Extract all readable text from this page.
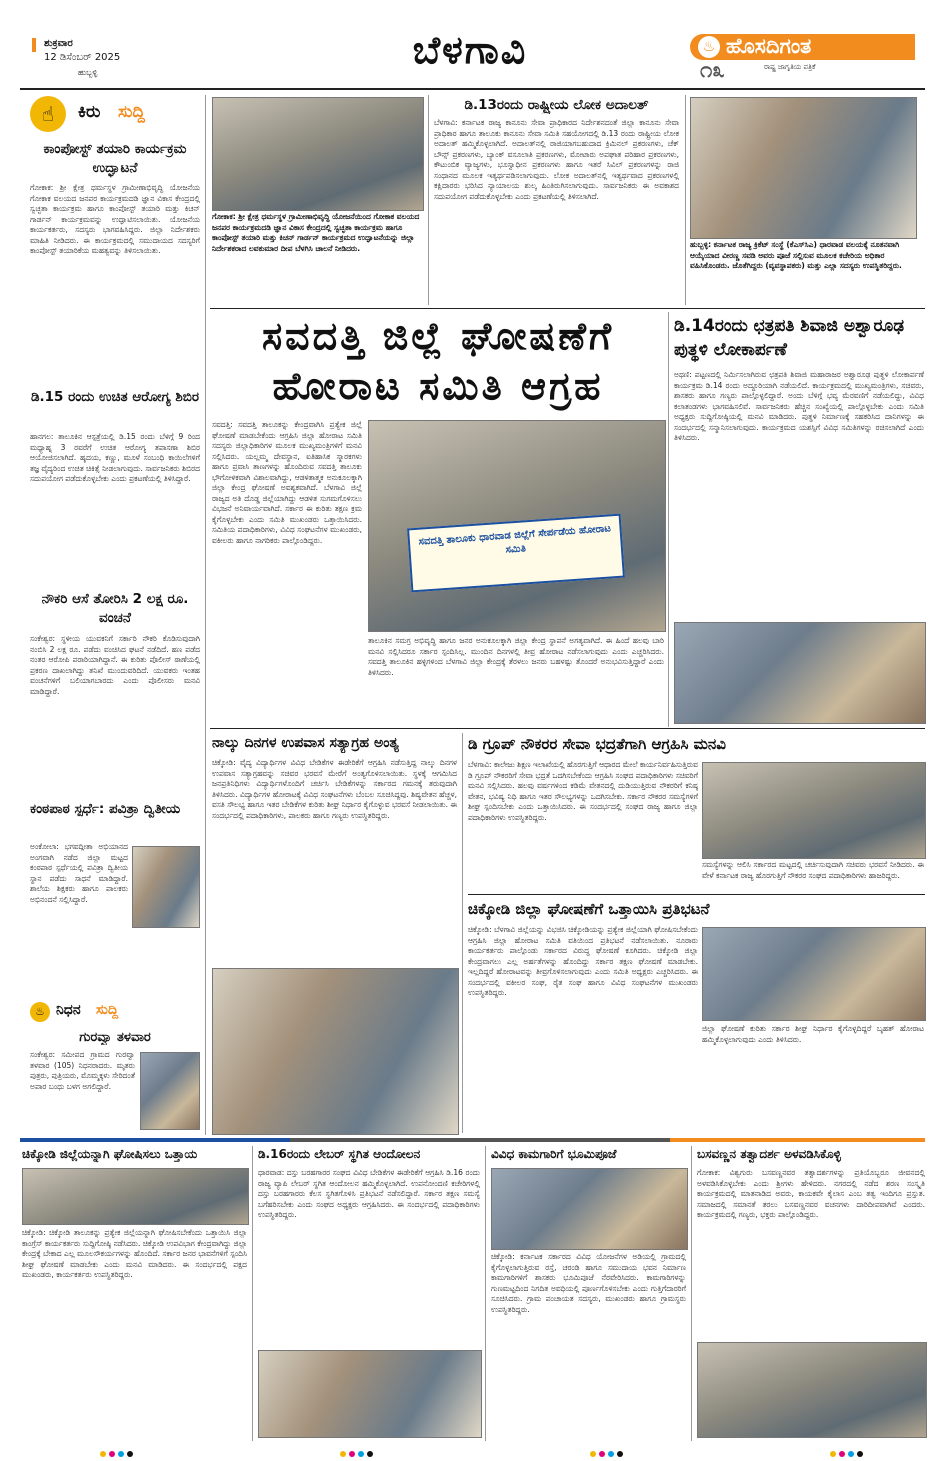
ಶುಕ್ರವಾರ
12 ಡಿಸೆಂಬರ್ 2025
ಹುಬ್ಬಳ್ಳಿ
ಬೆಳಗಾವಿ	♨ ಹೊಸದಿಗಂತ
೧೩	ರಾಷ್ಟ್ರ ಜಾಗೃತಿಯ ಪತ್ರಿಕೆ
☝	ಕಿರು ಸುದ್ದಿ
ಕಾಂಪೋಸ್ಟ್ ತಯಾರಿ ಕಾರ್ಯಕ್ರಮ ಉದ್ಘಾಟನೆ
ಗೋಕಾಕ: ಶ್ರೀ ಕ್ಷೇತ್ರ ಧರ್ಮಸ್ಥಳ ಗ್ರಾಮೀಣಾಭಿವೃದ್ಧಿ ಯೋಜನೆಯ ಗೋಕಾಕ ವಲಯದ ಜನಪರ ಕಾರ್ಯಕ್ರಮದಡಿ ಜ್ಞಾನ ವಿಕಾಸ ಕೇಂದ್ರದಲ್ಲಿ ಸ್ವಚ್ಛತಾ ಕಾರ್ಯಕ್ರಮ ಹಾಗೂ ಕಾಂಪೋಸ್ಟ್ ತಯಾರಿ ಮತ್ತು ಕಿಚನ್ ಗಾರ್ಡನ್ ಕಾರ್ಯಕ್ರಮವನ್ನು ಉದ್ಘಾಟಿಸಲಾಯಿತು. ಯೋಜನೆಯ ಕಾರ್ಯಕರ್ತರು, ಸದಸ್ಯರು ಭಾಗವಹಿಸಿದ್ದರು. ಜಿಲ್ಲಾ ನಿರ್ದೇಶಕರು ಮಾಹಿತಿ ನೀಡಿದರು. ಈ ಕಾರ್ಯಕ್ರಮದಲ್ಲಿ ಸಮುದಾಯದ ಸದಸ್ಯರಿಗೆ ಕಾಂಪೋಸ್ಟ್ ತಯಾರಿಕೆಯ ಮಹತ್ವವನ್ನು ತಿಳಿಸಲಾಯಿತು.
ಡಿ.15 ರಂದು ಉಚಿತ ಆರೋಗ್ಯ ಶಿಬಿರ
ಹಾನಗಲ: ತಾಲೂಕಿನ ಆಸ್ಪತ್ರೆಯಲ್ಲಿ ಡಿ.15 ರಂದು ಬೆಳಿಗ್ಗೆ 9 ರಿಂದ ಮಧ್ಯಾಹ್ನ 3 ರವರೆಗೆ ಉಚಿತ ಆರೋಗ್ಯ ತಪಾಸಣಾ ಶಿಬಿರ ಆಯೋಜಿಸಲಾಗಿದೆ. ಹೃದಯ, ಕಣ್ಣು, ಮೂಳೆ ಸಂಬಂಧಿ ಕಾಯಿಲೆಗಳಿಗೆ ತಜ್ಞ ವೈದ್ಯರಿಂದ ಉಚಿತ ಚಿಕಿತ್ಸೆ ನೀಡಲಾಗುವುದು. ಸಾರ್ವಜನಿಕರು ಶಿಬಿರದ ಸದುಪಯೋಗ ಪಡೆದುಕೊಳ್ಳಬೇಕು ಎಂದು ಪ್ರಕಟಣೆಯಲ್ಲಿ ತಿಳಿಸಿದ್ದಾರೆ.
ನೌಕರಿ ಆಸೆ ತೋರಿಸಿ 2 ಲಕ್ಷ ರೂ. ವಂಚನೆ
ಸಂಕೇಶ್ವರ: ಸ್ಥಳೀಯ ಯುವಕನಿಗೆ ಸರ್ಕಾರಿ ನೌಕರಿ ಕೊಡಿಸುವುದಾಗಿ ನಂಬಿಸಿ 2 ಲಕ್ಷ ರೂ. ಪಡೆದು ವಂಚಿಸಿದ ಘಟನೆ ನಡೆದಿದೆ. ಹಣ ಪಡೆದ ನಂತರ ಆರೋಪಿ ಪರಾರಿಯಾಗಿದ್ದಾನೆ. ಈ ಕುರಿತು ಪೊಲೀಸ್ ಠಾಣೆಯಲ್ಲಿ ಪ್ರಕರಣ ದಾಖಲಾಗಿದ್ದು ತನಿಖೆ ಮುಂದುವರಿದಿದೆ. ಯುವಕರು ಇಂತಹ ವಂಚನೆಗಳಿಗೆ ಬಲಿಯಾಗಬಾರದು ಎಂದು ಪೊಲೀಸರು ಮನವಿ ಮಾಡಿದ್ದಾರೆ.
ಕಂಠಪಾಠ ಸ್ಪರ್ಧೆ: ಪವಿತ್ರಾ ದ್ವಿತೀಯ
ಅಂಕೋಲಾ: ಭಗವದ್ಗೀತಾ ಅಭಿಯಾನದ ಅಂಗವಾಗಿ ನಡೆದ ಜಿಲ್ಲಾ ಮಟ್ಟದ ಕಂಠಪಾಠ ಸ್ಪರ್ಧೆಯಲ್ಲಿ ಪವಿತ್ರಾ ದ್ವಿತೀಯ ಸ್ಥಾನ ಪಡೆದು ಸಾಧನೆ ಮಾಡಿದ್ದಾರೆ. ಶಾಲೆಯ ಶಿಕ್ಷಕರು ಹಾಗೂ ಪಾಲಕರು ಅಭಿನಂದನೆ ಸಲ್ಲಿಸಿದ್ದಾರೆ.
♨ ನಿಧನ ಸುದ್ದಿ
ಗುರವ್ವಾ ತಳವಾರ
ಸಂಕೇಶ್ವರ: ಸಮೀಪದ ಗ್ರಾಮದ ಗುರವ್ವಾ ತಳವಾರ (105) ನಿಧನರಾದರು. ಮೃತರು ಪುತ್ರರು, ಪುತ್ರಿಯರು, ಮೊಮ್ಮಕ್ಕಳು ಸೇರಿದಂತೆ ಅಪಾರ ಬಂಧು ಬಳಗ ಅಗಲಿದ್ದಾರೆ.
ಗೋಕಾಕ: ಶ್ರೀ ಕ್ಷೇತ್ರ ಧರ್ಮಸ್ಥಳ ಗ್ರಾಮೀಣಾಭಿವೃದ್ಧಿ ಯೋಜನೆಯಿಂದ ಗೋಕಾಕ ವಲಯದ ಜನಪರ ಕಾರ್ಯಕ್ರಮದಡಿ ಜ್ಞಾನ ವಿಕಾಸ ಕೇಂದ್ರದಲ್ಲಿ ಸ್ವಚ್ಛತಾ ಕಾರ್ಯಕ್ರಮ ಹಾಗೂ ಕಾಂಪೋಸ್ಟ್ ತಯಾರಿ ಮತ್ತು ಕಿಚನ್ ಗಾರ್ಡನ್ ಕಾರ್ಯಕ್ರಮದ ಉದ್ಘಾಟನೆಯನ್ನು ಜಿಲ್ಲಾ ನಿರ್ದೇಶಕರಾದ ಲವಕುಮಾರ ದೀಪ ಬೆಳಗಿಸಿ ಚಾಲನೆ ನೀಡಿದರು.
ಡಿ.13ರಂದು ರಾಷ್ಟ್ರೀಯ ಲೋಕ ಅದಾಲತ್
ಬೆಳಗಾವಿ: ಕರ್ನಾಟಕ ರಾಜ್ಯ ಕಾನೂನು ಸೇವಾ ಪ್ರಾಧಿಕಾರದ ನಿರ್ದೇಶನದಂತೆ ಜಿಲ್ಲಾ ಕಾನೂನು ಸೇವಾ ಪ್ರಾಧಿಕಾರ ಹಾಗೂ ತಾಲೂಕು ಕಾನೂನು ಸೇವಾ ಸಮಿತಿ ಸಹಯೋಗದಲ್ಲಿ ಡಿ.13 ರಂದು ರಾಷ್ಟ್ರೀಯ ಲೋಕ ಅದಾಲತ್ ಹಮ್ಮಿಕೊಳ್ಳಲಾಗಿದೆ. ಅದಾಲತ್‌ನಲ್ಲಿ ರಾಜಿಯಾಗಬಹುದಾದ ಕ್ರಿಮಿನಲ್ ಪ್ರಕರಣಗಳು, ಚೆಕ್ ಬೌನ್ಸ್ ಪ್ರಕರಣಗಳು, ಬ್ಯಾಂಕ್ ವಸೂಲಾತಿ ಪ್ರಕರಣಗಳು, ಮೋಟಾರು ಅಪಘಾತ ಪರಿಹಾರ ಪ್ರಕರಣಗಳು, ಕೌಟುಂಬಿಕ ವ್ಯಾಜ್ಯಗಳು, ಭೂಸ್ವಾಧೀನ ಪ್ರಕರಣಗಳು ಹಾಗೂ ಇತರೆ ಸಿವಿಲ್ ಪ್ರಕರಣಗಳನ್ನು ರಾಜಿ ಸಂಧಾನದ ಮೂಲಕ ಇತ್ಯರ್ಥಪಡಿಸಲಾಗುವುದು. ಲೋಕ ಅದಾಲತ್‌ನಲ್ಲಿ ಇತ್ಯರ್ಥವಾದ ಪ್ರಕರಣಗಳಲ್ಲಿ ಕಕ್ಷಿದಾರರು ಭರಿಸಿದ ನ್ಯಾಯಾಲಯ ಶುಲ್ಕ ಹಿಂತಿರುಗಿಸಲಾಗುವುದು. ಸಾರ್ವಜನಿಕರು ಈ ಅವಕಾಶದ ಸದುಪಯೋಗ ಪಡೆದುಕೊಳ್ಳಬೇಕು ಎಂದು ಪ್ರಕಟಣೆಯಲ್ಲಿ ತಿಳಿಸಲಾಗಿದೆ.
ಹುಬ್ಬಳ್ಳಿ: ಕರ್ನಾಟಕ ರಾಜ್ಯ ಕ್ರಿಕೆಟ್ ಸಂಸ್ಥೆ (ಕೆಎಸ್‌ಸಿಎ) ಧಾರವಾಡ ವಲಯಕ್ಕೆ ನೂತನವಾಗಿ ಆಯ್ಕೆಯಾದ ವೀರಣ್ಣ ಸವಡಿ ಅವರು ಪೂಜೆ ಸಲ್ಲಿಸುವ ಮೂಲಕ ಕಚೇರಿಯ ಅಧಿಕಾರ ವಹಿಸಿಕೊಂಡರು. ಜೊತೆಗಿದ್ದರು (ವ್ಯವಸ್ಥಾಪಕರು) ಮತ್ತು ಎಲ್ಲಾ ಸದಸ್ಯರು ಉಪಸ್ಥಿತರಿದ್ದರು.
ಸವದತ್ತಿ ಜಿಲ್ಲೆ ಘೋಷಣೆಗೆ
ಹೋರಾಟ ಸಮಿತಿ ಆಗ್ರಹ
ಸವದತ್ತಿ: ಸವದತ್ತಿ ತಾಲೂಕನ್ನು ಕೇಂದ್ರವಾಗಿಸಿ ಪ್ರತ್ಯೇಕ ಜಿಲ್ಲೆ ಘೋಷಣೆ ಮಾಡಬೇಕೆಂದು ಆಗ್ರಹಿಸಿ ಜಿಲ್ಲಾ ಹೋರಾಟ ಸಮಿತಿ ಸದಸ್ಯರು ಜಿಲ್ಲಾಧಿಕಾರಿಗಳ ಮೂಲಕ ಮುಖ್ಯಮಂತ್ರಿಗಳಿಗೆ ಮನವಿ ಸಲ್ಲಿಸಿದರು. ಯಲ್ಲಮ್ಮ ದೇವಸ್ಥಾನ, ಐತಿಹಾಸಿಕ ಸ್ಮಾರಕಗಳು ಹಾಗೂ ಪ್ರವಾಸಿ ತಾಣಗಳನ್ನು ಹೊಂದಿರುವ ಸವದತ್ತಿ ತಾಲೂಕು ಭೌಗೋಳಿಕವಾಗಿ ವಿಶಾಲವಾಗಿದ್ದು, ಆಡಳಿತಾತ್ಮಕ ಅನುಕೂಲಕ್ಕಾಗಿ ಜಿಲ್ಲಾ ಕೇಂದ್ರ ಘೋಷಣೆ ಅವಶ್ಯಕವಾಗಿದೆ. ಬೆಳಗಾವಿ ಜಿಲ್ಲೆ ರಾಜ್ಯದ ಅತಿ ದೊಡ್ಡ ಜಿಲ್ಲೆಯಾಗಿದ್ದು ಆಡಳಿತ ಸುಗಮಗೊಳಿಸಲು ವಿಭಜನೆ ಅನಿವಾರ್ಯವಾಗಿದೆ. ಸರ್ಕಾರ ಈ ಕುರಿತು ತಕ್ಷಣ ಕ್ರಮ ಕೈಗೊಳ್ಳಬೇಕು ಎಂದು ಸಮಿತಿ ಮುಖಂಡರು ಒತ್ತಾಯಿಸಿದರು. ಸಮಿತಿಯ ಪದಾಧಿಕಾರಿಗಳು, ವಿವಿಧ ಸಂಘಟನೆಗಳ ಮುಖಂಡರು, ವಕೀಲರು ಹಾಗೂ ನಾಗರಿಕರು ಪಾಲ್ಗೊಂಡಿದ್ದರು.	ಸವದತ್ತಿ ತಾಲೂಕು ಧಾರವಾಡ ಜಿಲ್ಲೆಗೆ ಸೇರ್ಪಡೆಯ ಹೋರಾಟ ಸಮಿತಿ
ತಾಲೂಕಿನ ಸಮಗ್ರ ಅಭಿವೃದ್ಧಿ ಹಾಗೂ ಜನರ ಅನುಕೂಲಕ್ಕಾಗಿ ಜಿಲ್ಲಾ ಕೇಂದ್ರ ಸ್ಥಾಪನೆ ಅಗತ್ಯವಾಗಿದೆ. ಈ ಹಿಂದೆ ಹಲವು ಬಾರಿ ಮನವಿ ಸಲ್ಲಿಸಿದರೂ ಸರ್ಕಾರ ಸ್ಪಂದಿಸಿಲ್ಲ. ಮುಂದಿನ ದಿನಗಳಲ್ಲಿ ತೀವ್ರ ಹೋರಾಟ ನಡೆಸಲಾಗುವುದು ಎಂದು ಎಚ್ಚರಿಸಿದರು. ಸವದತ್ತಿ ತಾಲೂಕಿನ ಹಳ್ಳಿಗಳಿಂದ ಬೆಳಗಾವಿ ಜಿಲ್ಲಾ ಕೇಂದ್ರಕ್ಕೆ ತೆರಳಲು ಜನರು ಬಹಳಷ್ಟು ತೊಂದರೆ ಅನುಭವಿಸುತ್ತಿದ್ದಾರೆ ಎಂದು ತಿಳಿಸಿದರು.
ಡಿ.14ರಂದು ಛತ್ರಪತಿ ಶಿವಾಜಿ ಅಶ್ವಾರೂಢ ಪುತ್ಥಳಿ ಲೋಕಾರ್ಪಣೆ
ಅಥಣಿ: ಪಟ್ಟಣದಲ್ಲಿ ನಿರ್ಮಿಸಲಾಗಿರುವ ಛತ್ರಪತಿ ಶಿವಾಜಿ ಮಹಾರಾಜರ ಅಶ್ವಾರೂಢ ಪುತ್ಥಳಿ ಲೋಕಾರ್ಪಣೆ ಕಾರ್ಯಕ್ರಮ ಡಿ.14 ರಂದು ಅದ್ದೂರಿಯಾಗಿ ನಡೆಯಲಿದೆ. ಕಾರ್ಯಕ್ರಮದಲ್ಲಿ ಮುಖ್ಯಮಂತ್ರಿಗಳು, ಸಚಿವರು, ಶಾಸಕರು ಹಾಗೂ ಗಣ್ಯರು ಪಾಲ್ಗೊಳ್ಳಲಿದ್ದಾರೆ. ಅಂದು ಬೆಳಿಗ್ಗೆ ಭವ್ಯ ಮೆರವಣಿಗೆ ನಡೆಯಲಿದ್ದು, ವಿವಿಧ ಕಲಾತಂಡಗಳು ಭಾಗವಹಿಸಲಿವೆ. ಸಾರ್ವಜನಿಕರು ಹೆಚ್ಚಿನ ಸಂಖ್ಯೆಯಲ್ಲಿ ಪಾಲ್ಗೊಳ್ಳಬೇಕು ಎಂದು ಸಮಿತಿ ಅಧ್ಯಕ್ಷರು ಸುದ್ದಿಗೋಷ್ಠಿಯಲ್ಲಿ ಮನವಿ ಮಾಡಿದರು. ಪುತ್ಥಳಿ ನಿರ್ಮಾಣಕ್ಕೆ ಸಹಕರಿಸಿದ ದಾನಿಗಳನ್ನು ಈ ಸಂದರ್ಭದಲ್ಲಿ ಸನ್ಮಾನಿಸಲಾಗುವುದು. ಕಾರ್ಯಕ್ರಮದ ಯಶಸ್ಸಿಗೆ ವಿವಿಧ ಸಮಿತಿಗಳನ್ನು ರಚಿಸಲಾಗಿದೆ ಎಂದು ತಿಳಿಸಿದರು.
ನಾಲ್ಕು ದಿನಗಳ ಉಪವಾಸ ಸತ್ಯಾಗ್ರಹ ಅಂತ್ಯ
ಚಿಕ್ಕೋಡಿ: ವೈದ್ಯ ವಿದ್ಯಾರ್ಥಿಗಳ ವಿವಿಧ ಬೇಡಿಕೆಗಳ ಈಡೇರಿಕೆಗೆ ಆಗ್ರಹಿಸಿ ನಡೆಸುತ್ತಿದ್ದ ನಾಲ್ಕು ದಿನಗಳ ಉಪವಾಸ ಸತ್ಯಾಗ್ರಹವನ್ನು ಸಚಿವರ ಭರವಸೆ ಮೇರೆಗೆ ಅಂತ್ಯಗೊಳಿಸಲಾಯಿತು. ಸ್ಥಳಕ್ಕೆ ಆಗಮಿಸಿದ ಜನಪ್ರತಿನಿಧಿಗಳು ವಿದ್ಯಾರ್ಥಿಗಳೊಂದಿಗೆ ಚರ್ಚಿಸಿ ಬೇಡಿಕೆಗಳನ್ನು ಸರ್ಕಾರದ ಗಮನಕ್ಕೆ ತರುವುದಾಗಿ ತಿಳಿಸಿದರು. ವಿದ್ಯಾರ್ಥಿಗಳ ಹೋರಾಟಕ್ಕೆ ವಿವಿಧ ಸಂಘಟನೆಗಳು ಬೆಂಬಲ ಸೂಚಿಸಿದ್ದವು. ಶಿಷ್ಯವೇತನ ಹೆಚ್ಚಳ, ವಸತಿ ಸೌಲಭ್ಯ ಹಾಗೂ ಇತರ ಬೇಡಿಕೆಗಳ ಕುರಿತು ಶೀಘ್ರ ನಿರ್ಧಾರ ಕೈಗೊಳ್ಳುವ ಭರವಸೆ ನೀಡಲಾಯಿತು. ಈ ಸಂದರ್ಭದಲ್ಲಿ ಪದಾಧಿಕಾರಿಗಳು, ಪಾಲಕರು ಹಾಗೂ ಗಣ್ಯರು ಉಪಸ್ಥಿತರಿದ್ದರು.
ಡಿ ಗ್ರೂಪ್ ನೌಕರರ ಸೇವಾ ಭದ್ರತೆಗಾಗಿ ಆಗ್ರಹಿಸಿ ಮನವಿ
ಬೆಳಗಾವಿ: ಕಾಲೇಜು ಶಿಕ್ಷಣ ಇಲಾಖೆಯಲ್ಲಿ ಹೊರಗುತ್ತಿಗೆ ಆಧಾರದ ಮೇಲೆ ಕಾರ್ಯನಿರ್ವಹಿಸುತ್ತಿರುವ ಡಿ ಗ್ರೂಪ್ ನೌಕರರಿಗೆ ಸೇವಾ ಭದ್ರತೆ ಒದಗಿಸಬೇಕೆಂದು ಆಗ್ರಹಿಸಿ ಸಂಘದ ಪದಾಧಿಕಾರಿಗಳು ಸಚಿವರಿಗೆ ಮನವಿ ಸಲ್ಲಿಸಿದರು. ಹಲವು ವರ್ಷಗಳಿಂದ ಕಡಿಮೆ ವೇತನದಲ್ಲಿ ದುಡಿಯುತ್ತಿರುವ ನೌಕರರಿಗೆ ಕನಿಷ್ಠ ವೇತನ, ಭವಿಷ್ಯ ನಿಧಿ ಹಾಗೂ ಇತರ ಸೌಲಭ್ಯಗಳನ್ನು ಒದಗಿಸಬೇಕು. ಸರ್ಕಾರ ನೌಕರರ ಸಮಸ್ಯೆಗಳಿಗೆ ಶೀಘ್ರ ಸ್ಪಂದಿಸಬೇಕು ಎಂದು ಒತ್ತಾಯಿಸಿದರು. ಈ ಸಂದರ್ಭದಲ್ಲಿ ಸಂಘದ ರಾಜ್ಯ ಹಾಗೂ ಜಿಲ್ಲಾ ಪದಾಧಿಕಾರಿಗಳು ಉಪಸ್ಥಿತರಿದ್ದರು.
ಸಮಸ್ಯೆಗಳನ್ನು ಆಲಿಸಿ ಸರ್ಕಾರದ ಮಟ್ಟದಲ್ಲಿ ಚರ್ಚಿಸುವುದಾಗಿ ಸಚಿವರು ಭರವಸೆ ನೀಡಿದರು. ಈ ವೇಳೆ ಕರ್ನಾಟಕ ರಾಜ್ಯ ಹೊರಗುತ್ತಿಗೆ ನೌಕರರ ಸಂಘದ ಪದಾಧಿಕಾರಿಗಳು ಹಾಜರಿದ್ದರು.
ಚಿಕ್ಕೋಡಿ ಜಿಲ್ಲಾ ಘೋಷಣೆಗೆ ಒತ್ತಾಯಿಸಿ ಪ್ರತಿಭಟನೆ
ಚಿಕ್ಕೋಡಿ: ಬೆಳಗಾವಿ ಜಿಲ್ಲೆಯನ್ನು ವಿಭಜಿಸಿ ಚಿಕ್ಕೋಡಿಯನ್ನು ಪ್ರತ್ಯೇಕ ಜಿಲ್ಲೆಯಾಗಿ ಘೋಷಿಸಬೇಕೆಂದು ಆಗ್ರಹಿಸಿ ಜಿಲ್ಲಾ ಹೋರಾಟ ಸಮಿತಿ ವತಿಯಿಂದ ಪ್ರತಿಭಟನೆ ನಡೆಸಲಾಯಿತು. ನೂರಾರು ಕಾರ್ಯಕರ್ತರು ಪಾಲ್ಗೊಂಡು ಸರ್ಕಾರದ ವಿರುದ್ಧ ಘೋಷಣೆ ಕೂಗಿದರು. ಚಿಕ್ಕೋಡಿ ಜಿಲ್ಲಾ ಕೇಂದ್ರವಾಗಲು ಎಲ್ಲ ಅರ್ಹತೆಗಳನ್ನು ಹೊಂದಿದ್ದು ಸರ್ಕಾರ ತಕ್ಷಣ ಘೋಷಣೆ ಮಾಡಬೇಕು. ಇಲ್ಲದಿದ್ದರೆ ಹೋರಾಟವನ್ನು ತೀವ್ರಗೊಳಿಸಲಾಗುವುದು ಎಂದು ಸಮಿತಿ ಅಧ್ಯಕ್ಷರು ಎಚ್ಚರಿಸಿದರು. ಈ ಸಂದರ್ಭದಲ್ಲಿ ವಕೀಲರ ಸಂಘ, ರೈತ ಸಂಘ ಹಾಗೂ ವಿವಿಧ ಸಂಘಟನೆಗಳ ಮುಖಂಡರು ಉಪಸ್ಥಿತರಿದ್ದರು.
ಜಿಲ್ಲಾ ಘೋಷಣೆ ಕುರಿತು ಸರ್ಕಾರ ಶೀಘ್ರ ನಿರ್ಧಾರ ಕೈಗೊಳ್ಳದಿದ್ದರೆ ಬೃಹತ್ ಹೋರಾಟ ಹಮ್ಮಿಕೊಳ್ಳಲಾಗುವುದು ಎಂದು ತಿಳಿಸಿದರು.
ಚಿಕ್ಕೋಡಿ ಜಿಲ್ಲೆಯನ್ನಾಗಿ ಘೋಷಿಸಲು ಒತ್ತಾಯ
ಚಿಕ್ಕೋಡಿ: ಚಿಕ್ಕೋಡಿ ತಾಲೂಕನ್ನು ಪ್ರತ್ಯೇಕ ಜಿಲ್ಲೆಯನ್ನಾಗಿ ಘೋಷಿಸಬೇಕೆಂದು ಒತ್ತಾಯಿಸಿ ಜಿಲ್ಲಾ ಕಾಂಗ್ರೆಸ್ ಕಾರ್ಯಕರ್ತರು ಸುದ್ದಿಗೋಷ್ಠಿ ನಡೆಸಿದರು. ಚಿಕ್ಕೋಡಿ ಉಪವಿಭಾಗ ಕೇಂದ್ರವಾಗಿದ್ದು ಜಿಲ್ಲಾ ಕೇಂದ್ರಕ್ಕೆ ಬೇಕಾದ ಎಲ್ಲ ಮೂಲಸೌಕರ್ಯಗಳನ್ನು ಹೊಂದಿದೆ. ಸರ್ಕಾರ ಜನರ ಭಾವನೆಗಳಿಗೆ ಸ್ಪಂದಿಸಿ ಶೀಘ್ರ ಘೋಷಣೆ ಮಾಡಬೇಕು ಎಂದು ಮನವಿ ಮಾಡಿದರು. ಈ ಸಂದರ್ಭದಲ್ಲಿ ಪಕ್ಷದ ಮುಖಂಡರು, ಕಾರ್ಯಕರ್ತರು ಉಪಸ್ಥಿತರಿದ್ದರು.
ಡಿ.16ರಂದು ಲೇಬರ್ ಸ್ಥಗಿತ ಆಂದೋಲನ
ಧಾರವಾಡ: ದಸ್ತು ಬರಹಗಾರರ ಸಂಘದ ವಿವಿಧ ಬೇಡಿಕೆಗಳ ಈಡೇರಿಕೆಗೆ ಆಗ್ರಹಿಸಿ ಡಿ.16 ರಂದು ರಾಜ್ಯ ವ್ಯಾಪಿ ಲೇಬರ್ ಸ್ಥಗಿತ ಆಂದೋಲನ ಹಮ್ಮಿಕೊಳ್ಳಲಾಗಿದೆ. ಉಪನೋಂದಣಿ ಕಚೇರಿಗಳಲ್ಲಿ ದಸ್ತು ಬರಹಗಾರರು ಕೆಲಸ ಸ್ಥಗಿತಗೊಳಿಸಿ ಪ್ರತಿಭಟನೆ ನಡೆಸಲಿದ್ದಾರೆ. ಸರ್ಕಾರ ತಕ್ಷಣ ಸಮಸ್ಯೆ ಬಗೆಹರಿಸಬೇಕು ಎಂದು ಸಂಘದ ಅಧ್ಯಕ್ಷರು ಆಗ್ರಹಿಸಿದರು. ಈ ಸಂದರ್ಭದಲ್ಲಿ ಪದಾಧಿಕಾರಿಗಳು ಉಪಸ್ಥಿತರಿದ್ದರು.
ವಿವಿಧ ಕಾಮಗಾರಿಗೆ ಭೂಮಿಪೂಜೆ
ಚಿಕ್ಕೋಡಿ: ಕರ್ನಾಟಕ ಸರ್ಕಾರದ ವಿವಿಧ ಯೋಜನೆಗಳ ಅಡಿಯಲ್ಲಿ ಗ್ರಾಮದಲ್ಲಿ ಕೈಗೊಳ್ಳಲಾಗುತ್ತಿರುವ ರಸ್ತೆ, ಚರಂಡಿ ಹಾಗೂ ಸಮುದಾಯ ಭವನ ನಿರ್ಮಾಣ ಕಾಮಗಾರಿಗಳಿಗೆ ಶಾಸಕರು ಭೂಮಿಪೂಜೆ ನೆರವೇರಿಸಿದರು. ಕಾಮಗಾರಿಗಳನ್ನು ಗುಣಮಟ್ಟದಿಂದ ನಿಗದಿತ ಅವಧಿಯಲ್ಲಿ ಪೂರ್ಣಗೊಳಿಸಬೇಕು ಎಂದು ಗುತ್ತಿಗೆದಾರರಿಗೆ ಸೂಚಿಸಿದರು. ಗ್ರಾಮ ಪಂಚಾಯತ ಸದಸ್ಯರು, ಮುಖಂಡರು ಹಾಗೂ ಗ್ರಾಮಸ್ಥರು ಉಪಸ್ಥಿತರಿದ್ದರು.
ಬಸವಣ್ಣನ ತತ್ವಾದರ್ಶ ಅಳವಡಿಸಿಕೊಳ್ಳಿ
ಗೋಕಾಕ: ವಿಶ್ವಗುರು ಬಸವಣ್ಣನವರ ತತ್ವಾದರ್ಶಗಳನ್ನು ಪ್ರತಿಯೊಬ್ಬರೂ ಜೀವನದಲ್ಲಿ ಅಳವಡಿಸಿಕೊಳ್ಳಬೇಕು ಎಂದು ಶ್ರೀಗಳು ಹೇಳಿದರು. ನಗರದಲ್ಲಿ ನಡೆದ ಶರಣ ಸಂಸ್ಕೃತಿ ಕಾರ್ಯಕ್ರಮದಲ್ಲಿ ಮಾತನಾಡಿದ ಅವರು, ಕಾಯಕವೇ ಕೈಲಾಸ ಎಂಬ ತತ್ವ ಇಂದಿಗೂ ಪ್ರಸ್ತುತ. ಸಮಾಜದಲ್ಲಿ ಸಮಾನತೆ ತರಲು ಬಸವಣ್ಣನವರ ವಚನಗಳು ದಾರಿದೀಪವಾಗಿವೆ ಎಂದರು. ಕಾರ್ಯಕ್ರಮದಲ್ಲಿ ಗಣ್ಯರು, ಭಕ್ತರು ಪಾಲ್ಗೊಂಡಿದ್ದರು.
